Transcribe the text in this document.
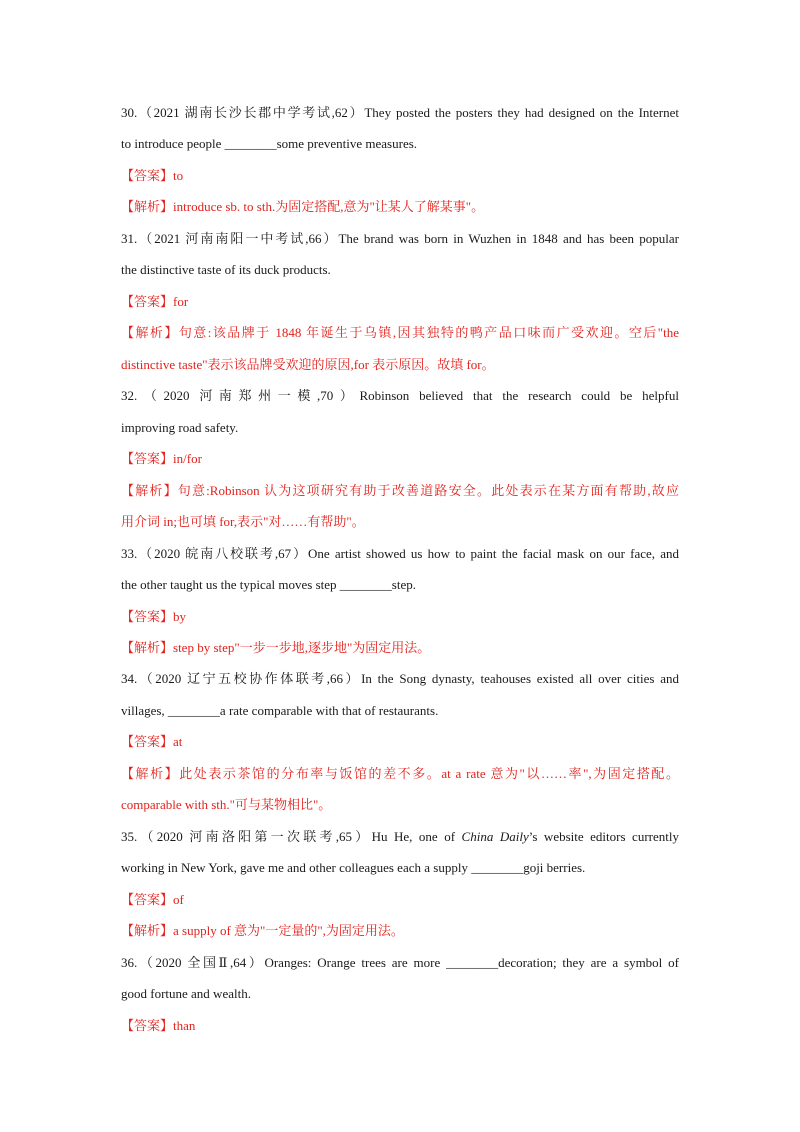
30.（2021 湖南长沙长郡中学考试,62）They posted the posters they had designed on the Internet
to introduce people ________some preventive measures.
【答案】to
【解析】introduce sb. to sth.为固定搭配,意为"让某人了解某事"。
31.（2021 河南南阳一中考试,66）The brand was born in Wuzhen in 1848 and has been popular
the distinctive taste of its duck products.
【答案】for
【解析】句意:该品牌于 1848 年诞生于乌镇,因其独特的鸭产品口味而广受欢迎。空后"the
distinctive taste"表示该品牌受欢迎的原因,for 表示原因。故填 for。
32.（2020 河南郑州一模,70）Robinson believed that the research could be helpful
improving road safety.
【答案】in/for
【解析】句意:Robinson 认为这项研究有助于改善道路安全。此处表示在某方面有帮助,故应
用介词 in;也可填 for,表示"对……有帮助"。
33.（2020 皖南八校联考,67）One artist showed us how to paint the facial mask on our face, and
the other taught us the typical moves step ________step.
【答案】by
【解析】step by step"一步一步地,逐步地"为固定用法。
34.（2020 辽宁五校协作体联考,66）In the Song dynasty, teahouses existed all over cities and
villages, ________a rate comparable with that of restaurants.
【答案】at
【解析】此处表示茶馆的分布率与饭馆的差不多。at a rate 意为"以……率",为固定搭配。
comparable with sth."可与某物相比"。
35.（2020 河南洛阳第一次联考,65）Hu He, one of China Daily’s website editors currently
working in New York, gave me and other colleagues each a supply ________goji berries.
【答案】of
【解析】a supply of 意为"一定量的",为固定用法。
36.（2020 全国Ⅱ,64）Oranges: Orange trees are more ________decoration; they are a symbol of
good fortune and wealth.
【答案】than
